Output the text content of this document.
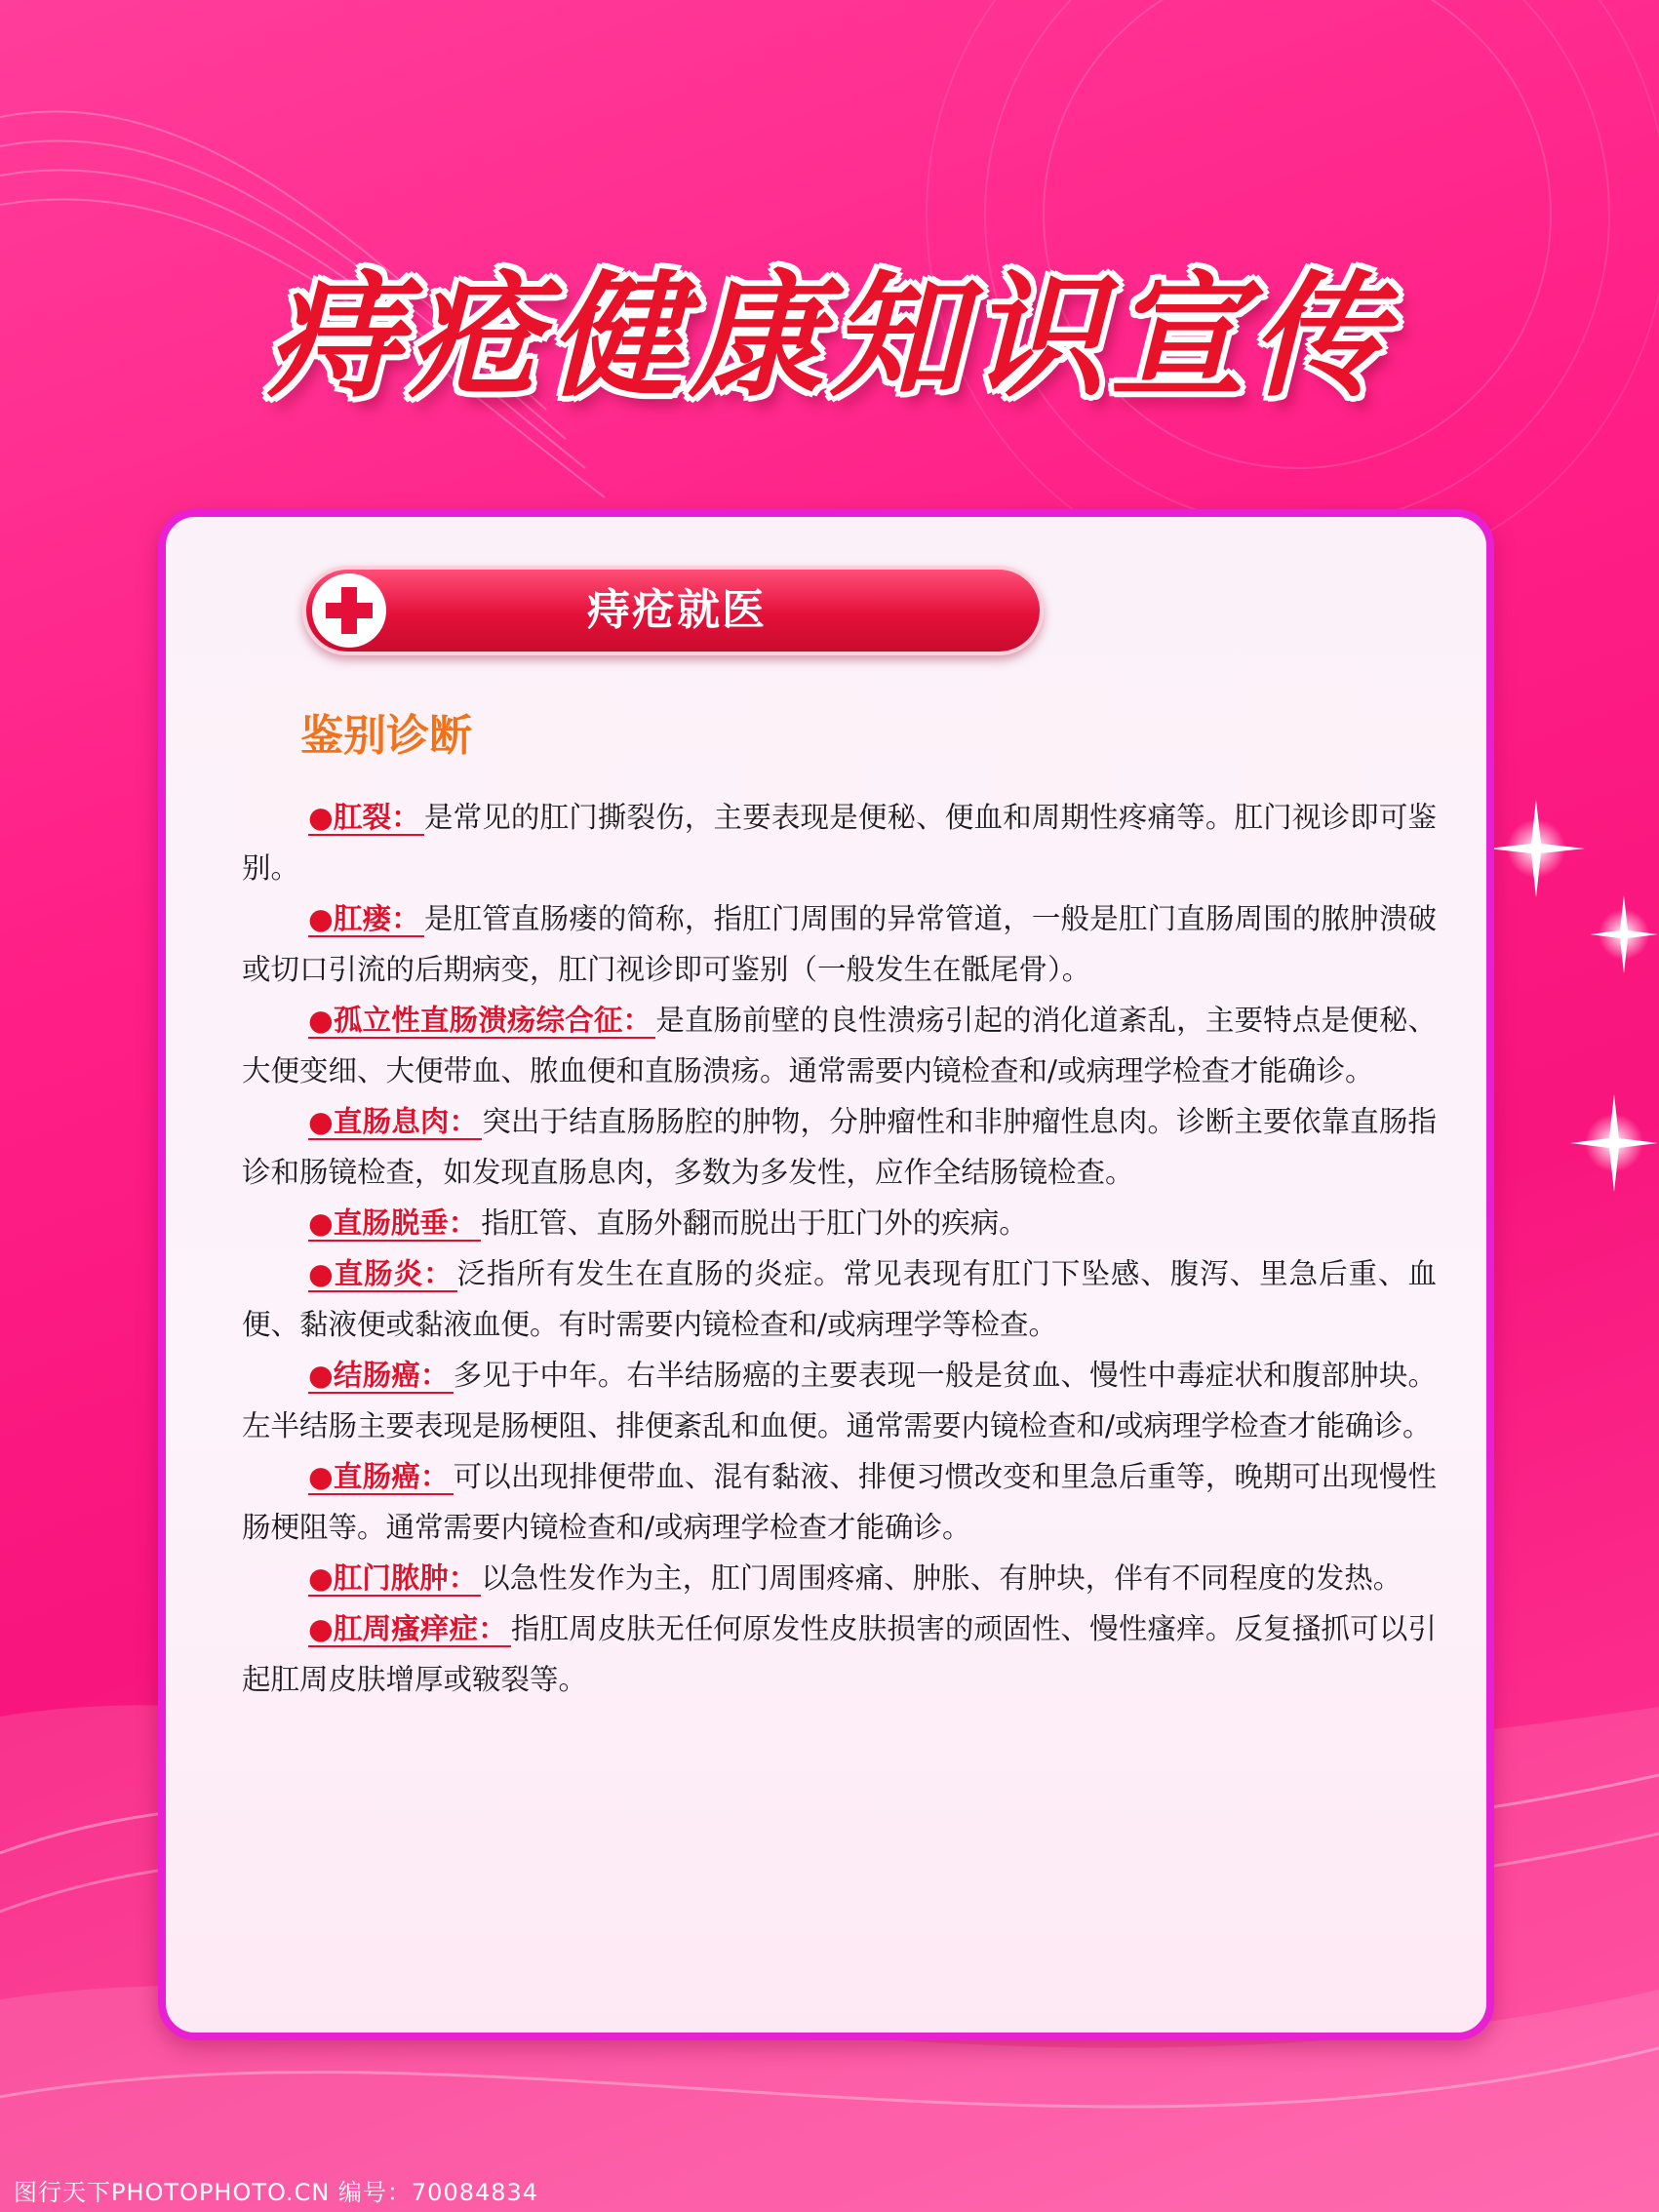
痔疮健康知识宣传
痔疮就医
鉴别诊断

●肛裂： 是常见的肛门撕裂伤，主要表现是便秘、便血和周期性疼痛等。肛门视诊即可鉴别。

●肛瘘： 是肛管直肠瘘的简称，指肛门周围的异常管道，一般是肛门直肠周围的脓肿溃破或切口引流的后期病变，肛门视诊即可鉴别（一般发生在骶尾骨）。

●孤立性直肠溃疡综合征： 是直肠前壁的良性溃疡引起的消化道紊乱，主要特点是便秘、大便变细、大便带血、脓血便和直肠溃疡。通常需要内镜检查和/或病理学检查才能确诊。

●直肠息肉： 突出于结直肠肠腔的肿物，分肿瘤性和非肿瘤性息肉。诊断主要依靠直肠指诊和肠镜检查，如发现直肠息肉，多数为多发性，应作全结肠镜检查。

●直肠脱垂： 指肛管、直肠外翻而脱出于肛门外的疾病。

●直肠炎： 泛指所有发生在直肠的炎症。常见表现有肛门下坠感、腹泻、里急后重、血便、黏液便或黏液血便。有时需要内镜检查和/或病理学等检查。

●结肠癌： 多见于中年。右半结肠癌的主要表现一般是贫血、慢性中毒症状和腹部肿块。左半结肠主要表现是肠梗阻、排便紊乱和血便。通常需要内镜检查和/或病理学检查才能确诊。

●直肠癌： 可以出现排便带血、混有黏液、排便习惯改变和里急后重等，晚期可出现慢性肠梗阻等。通常需要内镜检查和/或病理学检查才能确诊。

●肛门脓肿： 以急性发作为主，肛门周围疼痛、肿胀、有肿块，伴有不同程度的发热。

●肛周瘙痒症： 指肛周皮肤无任何原发性皮肤损害的顽固性、慢性瘙痒。反复搔抓可以引起肛周皮肤增厚或皲裂等。

图行天下PHOTOPHOTO.CN 编号：70084834
